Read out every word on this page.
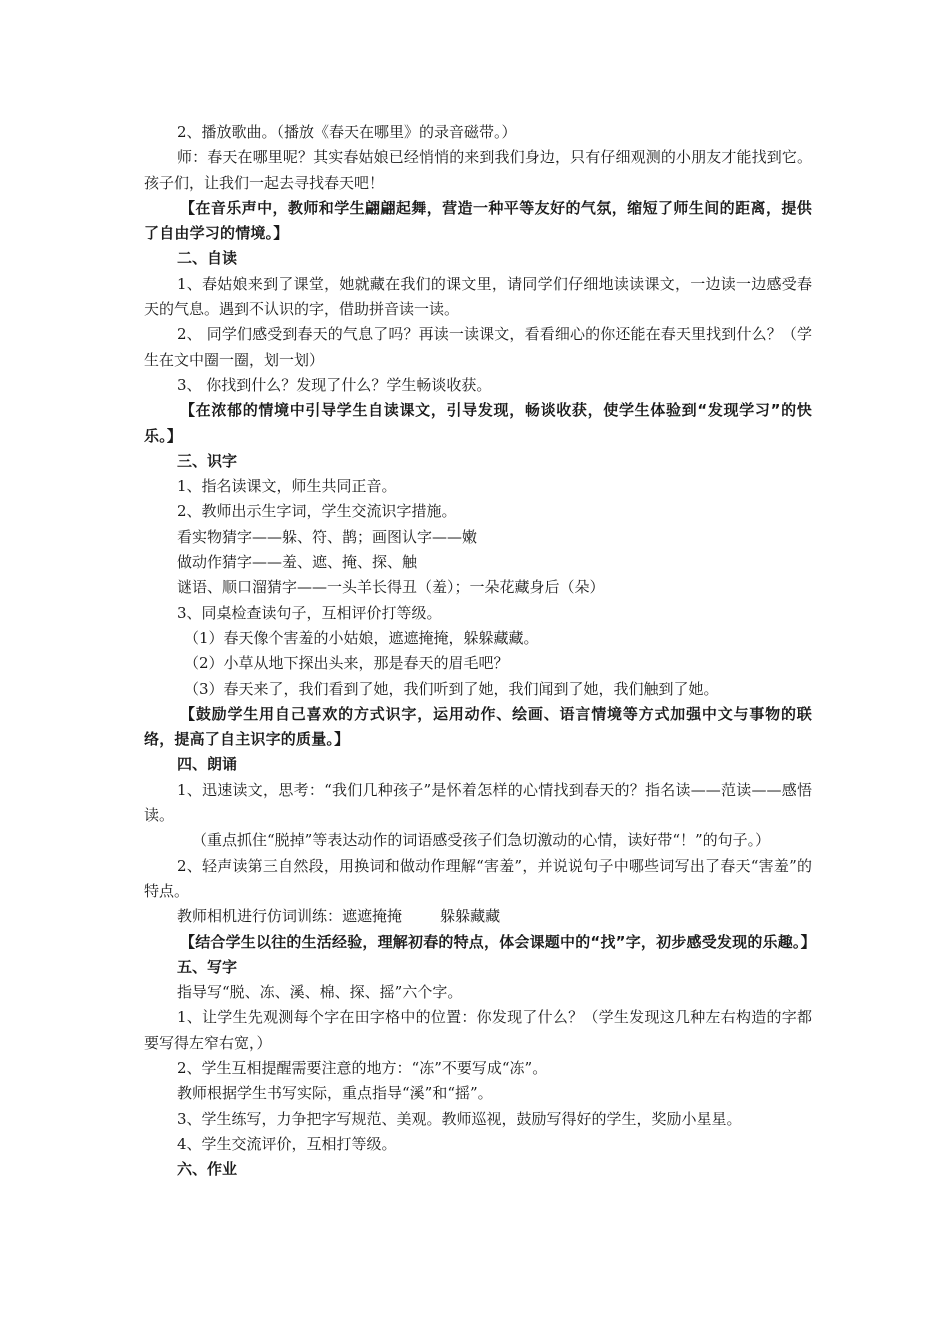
2、播放歌曲。（播放《春天在哪里》的录音磁带。）

师：春天在哪里呢？其实春姑娘已经悄悄的来到我们身边，只有仔细观测的小朋友才能找到它。孩子们，让我们一起去寻找春天吧！

【在音乐声中，教师和学生翩翩起舞，营造一种平等友好的气氛，缩短了师生间的距离，提供了自由学习的情境。】

二、自读

1、春姑娘来到了课堂，她就藏在我们的课文里，请同学们仔细地读读课文，一边读一边感受春天的气息。遇到不认识的字，借助拼音读一读。

2、 同学们感受到春天的气息了吗？再读一读课文，看看细心的你还能在春天里找到什么？（学生在文中圈一圈，划一划）

3、 你找到什么？发现了什么？学生畅谈收获。

【在浓郁的情境中引导学生自读课文，引导发现，畅谈收获，使学生体验到“发现学习”的快乐。】

三、识字

1、指名读课文，师生共同正音。

2、教师出示生字词，学生交流识字措施。

看实物猜字——躲、符、鹊；画图认字——嫩

做动作猜字——羞、遮、掩、探、触

谜语、顺口溜猜字——一头羊长得丑（羞）；一朵花藏身后（朵）

3、同桌检查读句子，互相评价打等级。

（1）春天像个害羞的小姑娘，遮遮掩掩，躲躲藏藏。

（2）小草从地下探出头来，那是春天的眉毛吧？

（3）春天来了，我们看到了她，我们听到了她，我们闻到了她，我们触到了她。

【鼓励学生用自己喜欢的方式识字，运用动作、绘画、语言情境等方式加强中文与事物的联络，提高了自主识字的质量。】

四、朗诵

1、迅速读文，思考：“我们几种孩子”是怀着怎样的心情找到春天的？指名读——范读——感悟读。

（重点抓住“脱掉”等表达动作的词语感受孩子们急切激动的心情，读好带“！”的句子。）

2、轻声读第三自然段，用换词和做动作理解“害羞”，并说说句子中哪些词写出了春天“害羞”的特点。

教师相机进行仿词训练：遮遮掩掩        躲躲藏藏

【结合学生以往的生活经验，理解初春的特点，体会课题中的“找”字，初步感受发现的乐趣。】

五、写字

指导写“脱、冻、溪、棉、探、摇”六个字。

1、让学生先观测每个字在田字格中的位置：你发现了什么？（学生发现这几种左右构造的字都要写得左窄右宽，）

2、学生互相提醒需要注意的地方：“冻”不要写成“冻”。

教师根据学生书写实际，重点指导“溪”和“摇”。

3、学生练写，力争把字写规范、美观。教师巡视，鼓励写得好的学生，奖励小星星。

4、学生交流评价，互相打等级。

六、作业
